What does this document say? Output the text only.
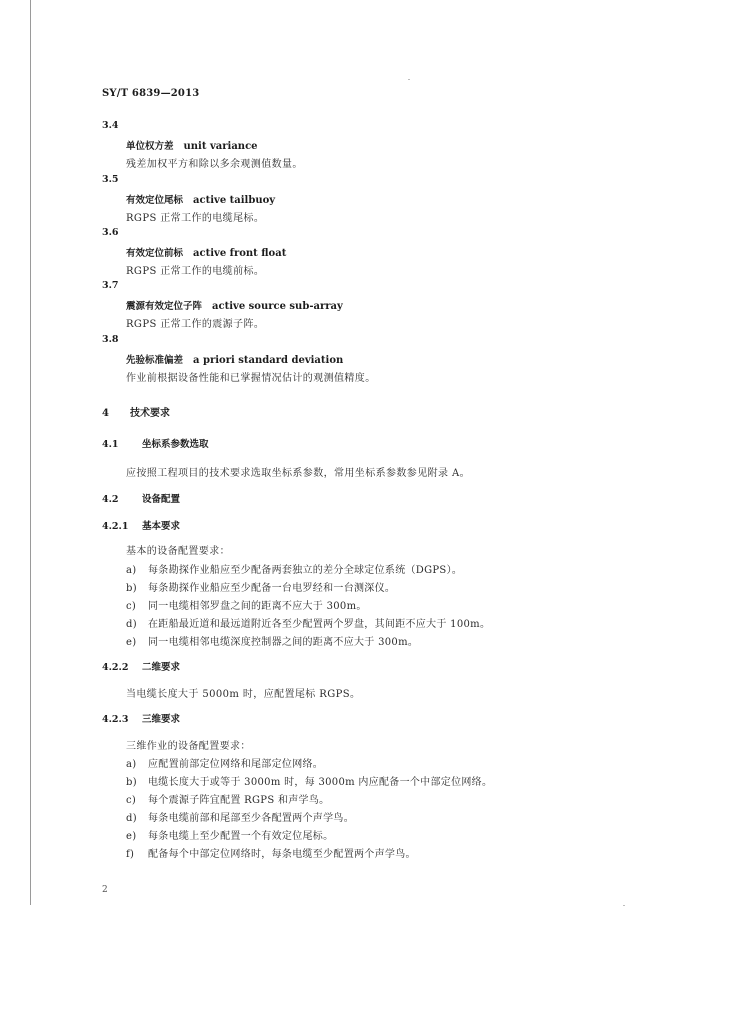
SY/T 6839—2013
3.4
单位权方差 unit variance
残差加权平方和除以多余观测值数量。
3.5
有效定位尾标 active tailbuoy
RGPS 正常工作的电缆尾标。
3.6
有效定位前标 active front float
RGPS 正常工作的电缆前标。
3.7
震源有效定位子阵 active source sub-array
RGPS 正常工作的震源子阵。
3.8
先验标准偏差 a priori standard deviation
作业前根据设备性能和已掌握情况估计的观测值精度。
4 技术要求
4.1 坐标系参数选取
应按照工程项目的技术要求选取坐标系参数，常用坐标系参数参见附录 A。
4.2 设备配置
4.2.1 基本要求
基本的设备配置要求：
a) 每条勘探作业船应至少配备两套独立的差分全球定位系统（DGPS）。
b) 每条勘探作业船应至少配备一台电罗经和一台测深仪。
c) 同一电缆相邻罗盘之间的距离不应大于 300m。
d) 在距船最近道和最远道附近各至少配置两个罗盘，其间距不应大于 100m。
e) 同一电缆相邻电缆深度控制器之间的距离不应大于 300m。
4.2.2 二维要求
当电缆长度大于 5000m 时，应配置尾标 RGPS。
4.2.3 三维要求
三维作业的设备配置要求：
a) 应配置前部定位网络和尾部定位网络。
b) 电缆长度大于或等于 3000m 时，每 3000m 内应配备一个中部定位网络。
c) 每个震源子阵宜配置 RGPS 和声学鸟。
d) 每条电缆前部和尾部至少各配置两个声学鸟。
e) 每条电缆上至少配置一个有效定位尾标。
f) 配备每个中部定位网络时，每条电缆至少配置两个声学鸟。
2
